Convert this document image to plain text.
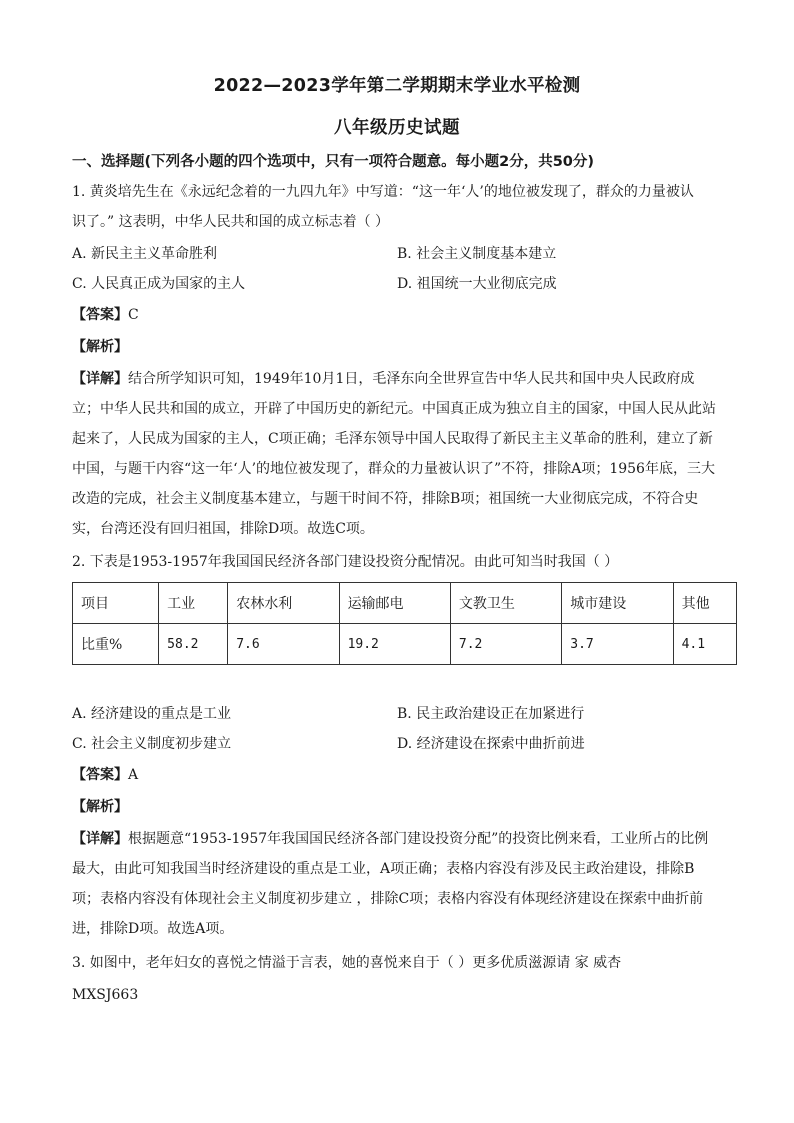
2022—2023学年第二学期期末学业水平检测
八年级历史试题
一、选择题(下列各小题的四个选项中，只有一项符合题意。每小题2分，共50分)
1. 黄炎培先生在《永远纪念着的一九四九年》中写道：“这一年‘人’的地位被发现了，群众的力量被认
识了。” 这表明，中华人民共和国的成立标志着（ ）
A. 新民主主义革命胜利	B. 社会主义制度基本建立
C. 人民真正成为国家的主人	D. 祖国统一大业彻底完成
【答案】C
【解析】
【详解】结合所学知识可知，1949年10月1日，毛泽东向全世界宣告中华人民共和国中央人民政府成
立；中华人民共和国的成立，开辟了中国历史的新纪元。中国真正成为独立自主的国家，中国人民从此站
起来了，人民成为国家的主人，C项正确；毛泽东领导中国人民取得了新民主主义革命的胜利，建立了新
中国，与题干内容“这一年‘人’的地位被发现了，群众的力量被认识了”不符，排除A项；1956年底，三大
改造的完成，社会主义制度基本建立，与题干时间不符，排除B项；祖国统一大业彻底完成，不符合史
实，台湾还没有回归祖国，排除D项。故选C项。
2. 下表是1953-1957年我国国民经济各部门建设投资分配情况。由此可知当时我国（ ）
项目	工业	农林水利	运输邮电	文教卫生	城市建设	其他
比重%	58.2	7.6	19.2	7.2	3.7	4.1
A. 经济建设的重点是工业	B. 民主政治建设正在加紧进行
C. 社会主义制度初步建立	D. 经济建设在探索中曲折前进
【答案】A
【解析】
【详解】根据题意“1953-1957年我国国民经济各部门建设投资分配”的投资比例来看，工业所占的比例
最大，由此可知我国当时经济建设的重点是工业，A项正确；表格内容没有涉及民主政治建设，排除B
项；表格内容没有体现社会主义制度初步建立 ，排除C项；表格内容没有体现经济建设在探索中曲折前
进，排除D项。故选A项。
3. 如图中，老年妇女的喜悦之情溢于言表，她的喜悦来自于（ ）更多优质滋源请 家 威杏
MXSJ663
